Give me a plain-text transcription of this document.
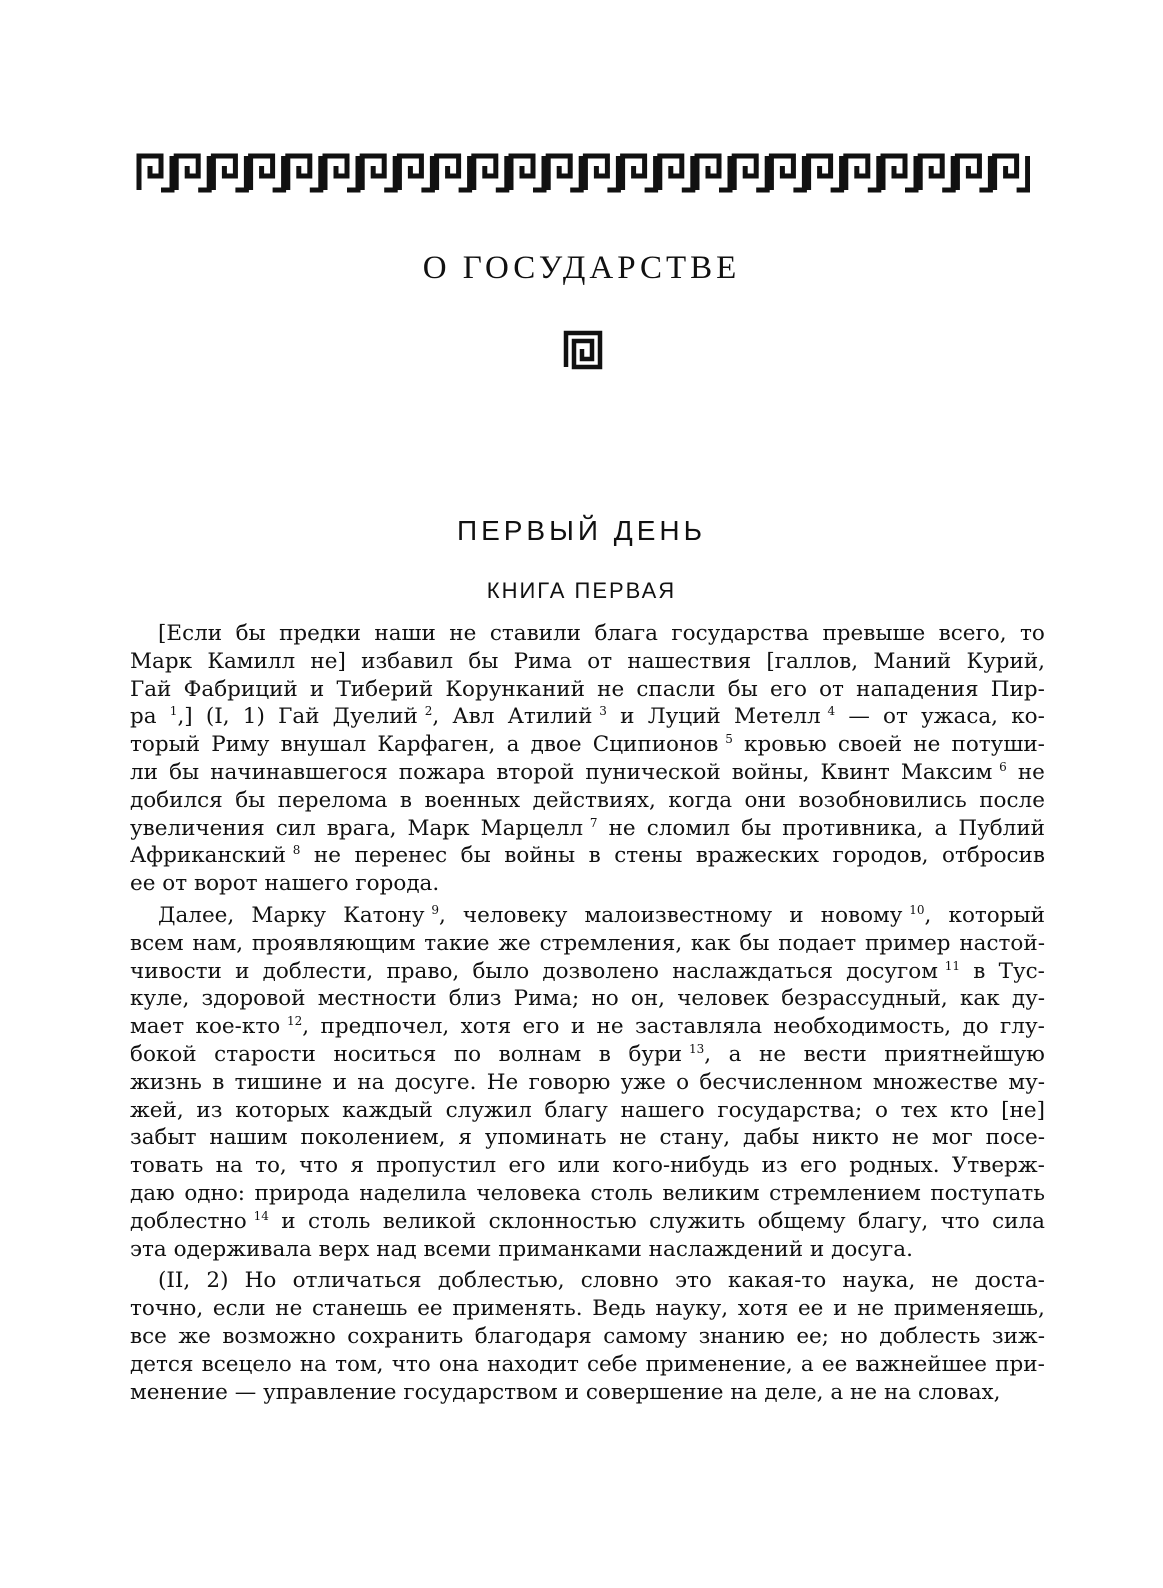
О ГОСУДАРСТВЕ
ПЕРВЫЙ ДЕНЬ
КНИГА ПЕРВАЯ
[Если бы предки наши не ставили блага государства превыше всего, то
Марк Камилл не] избавил бы Рима от нашествия [галлов, Маний Курий,
Гай Фабриций и Тиберий Корунканий не спасли бы его от нападения Пир-
ра $^1$,] (I, 1) Гай Дуелий $^2$, Авл Атилий $^3$ и Луций Метелл $^4$ — от ужаса, ко-
торый Риму внушал Карфаген, а двое Сципионов $^5$ кровью своей не потуши-
ли бы начинавшегося пожара второй пунической войны, Квинт Максим $^6$ не
добился бы перелома в военных действиях, когда они возобновились после
увеличения сил врага, Марк Марцелл $^7$ не сломил бы противника, а Публий
Африканский $^8$ не перенес бы войны в стены вражеских городов, отбросив
ее
от
ворот
нашего
города.
Далее, Марку Катону $^9$, человеку малоизвестному и новому $^{10}$, который
всем нам, проявляющим такие же стремления, как бы подает пример настой-
чивости и доблести, право, было дозволено наслаждаться досугом $^{11}$ в Тус-
куле, здоровой местности близ Рима; но он, человек безрассудный, как ду-
мает кое-кто $^{12}$, предпочел, хотя его и не заставляла необходимость, до глу-
бокой старости носиться по волнам в бури $^{13}$, а не вести приятнейшую
жизнь в тишине и на досуге. Не говорю уже о бесчисленном множестве му-
жей, из которых каждый служил благу нашего государства; о тех кто [не]
забыт нашим поколением, я упоминать не стану, дабы никто не мог посе-
товать на то, что я пропустил его или кого-нибудь из его родных. Утверж-
даю одно: природа наделила человека столь великим стремлением поступать
доблестно $^{14}$ и столь великой склонностью служить общему благу, что сила
эта
одерживала
верх
над
всеми
приманками
наслаждений
и
досуга.
(II, 2) Но отличаться доблестью, словно это какая-то наука, не доста-
точно, если не станешь ее применять. Ведь науку, хотя ее и не применяешь,
все же возможно сохранить благодаря самому знанию ее; но доблесть зиж-
дется всецело на том, что она находит себе применение, а ее важнейшее при-
менение
—
управление
государством
и
совершение
на
деле,
а
не
на
словах,
